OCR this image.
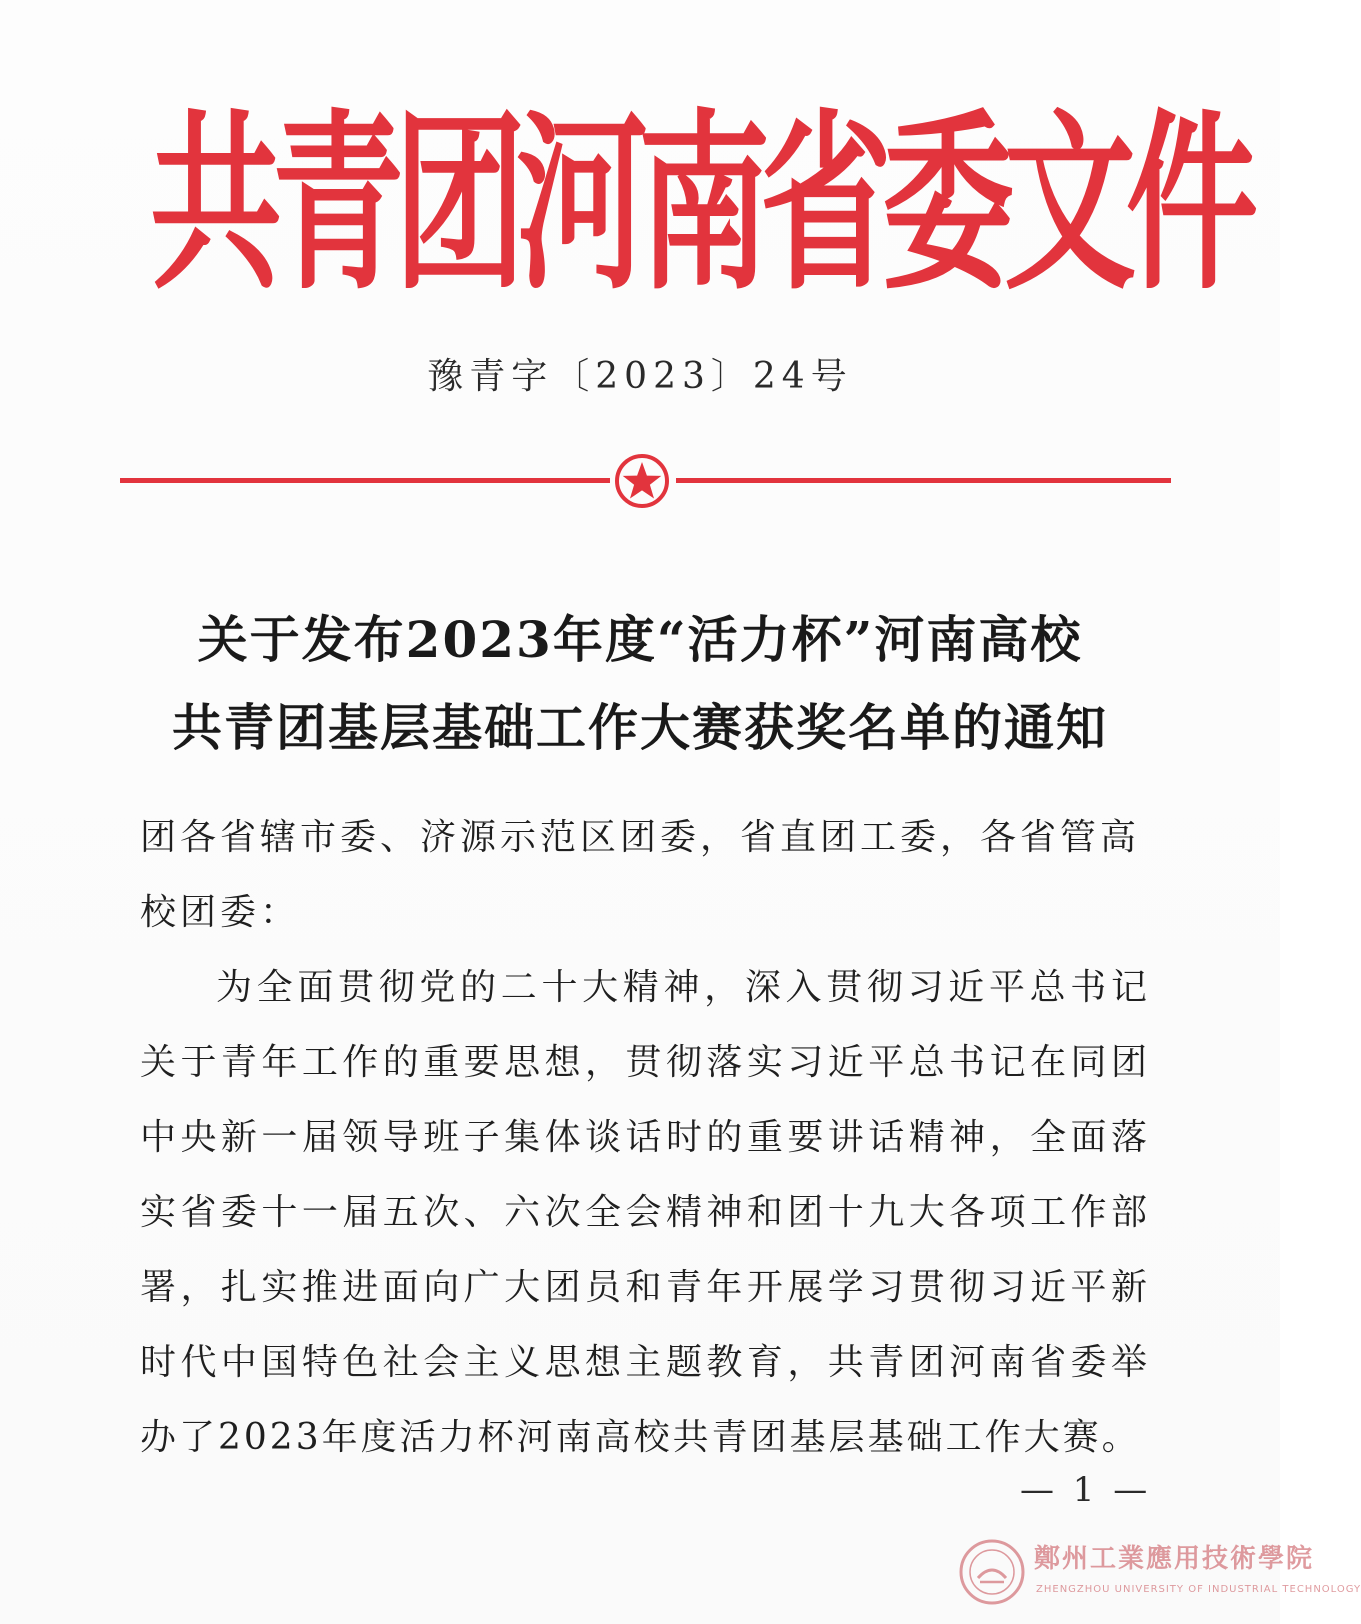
共青团河南省委文件
豫青字〔2023〕24号
关于发布2023年度“活力杯”河南高校
共青团基层基础工作大赛获奖名单的通知
团各省辖市委、济源示范区团委，省直团工委，各省管高校团委：
为全面贯彻党的二十大精神，深入贯彻习近平总书记关于青年工作的重要思想，贯彻落实习近平总书记在同团中央新一届领导班子集体谈话时的重要讲话精神，全面落实省委十一届五次、六次全会精神和团十九大各项工作部署，扎实推进面向广大团员和青年开展学习贯彻习近平新时代中国特色社会主义思想主题教育，共青团河南省委举办了2023年度活力杯河南高校共青团基层基础工作大赛。
— 1 —
鄭州工業應用技術學院
ZHENGZHOU UNIVERSITY OF INDUSTRIAL TECHNOLOGY
